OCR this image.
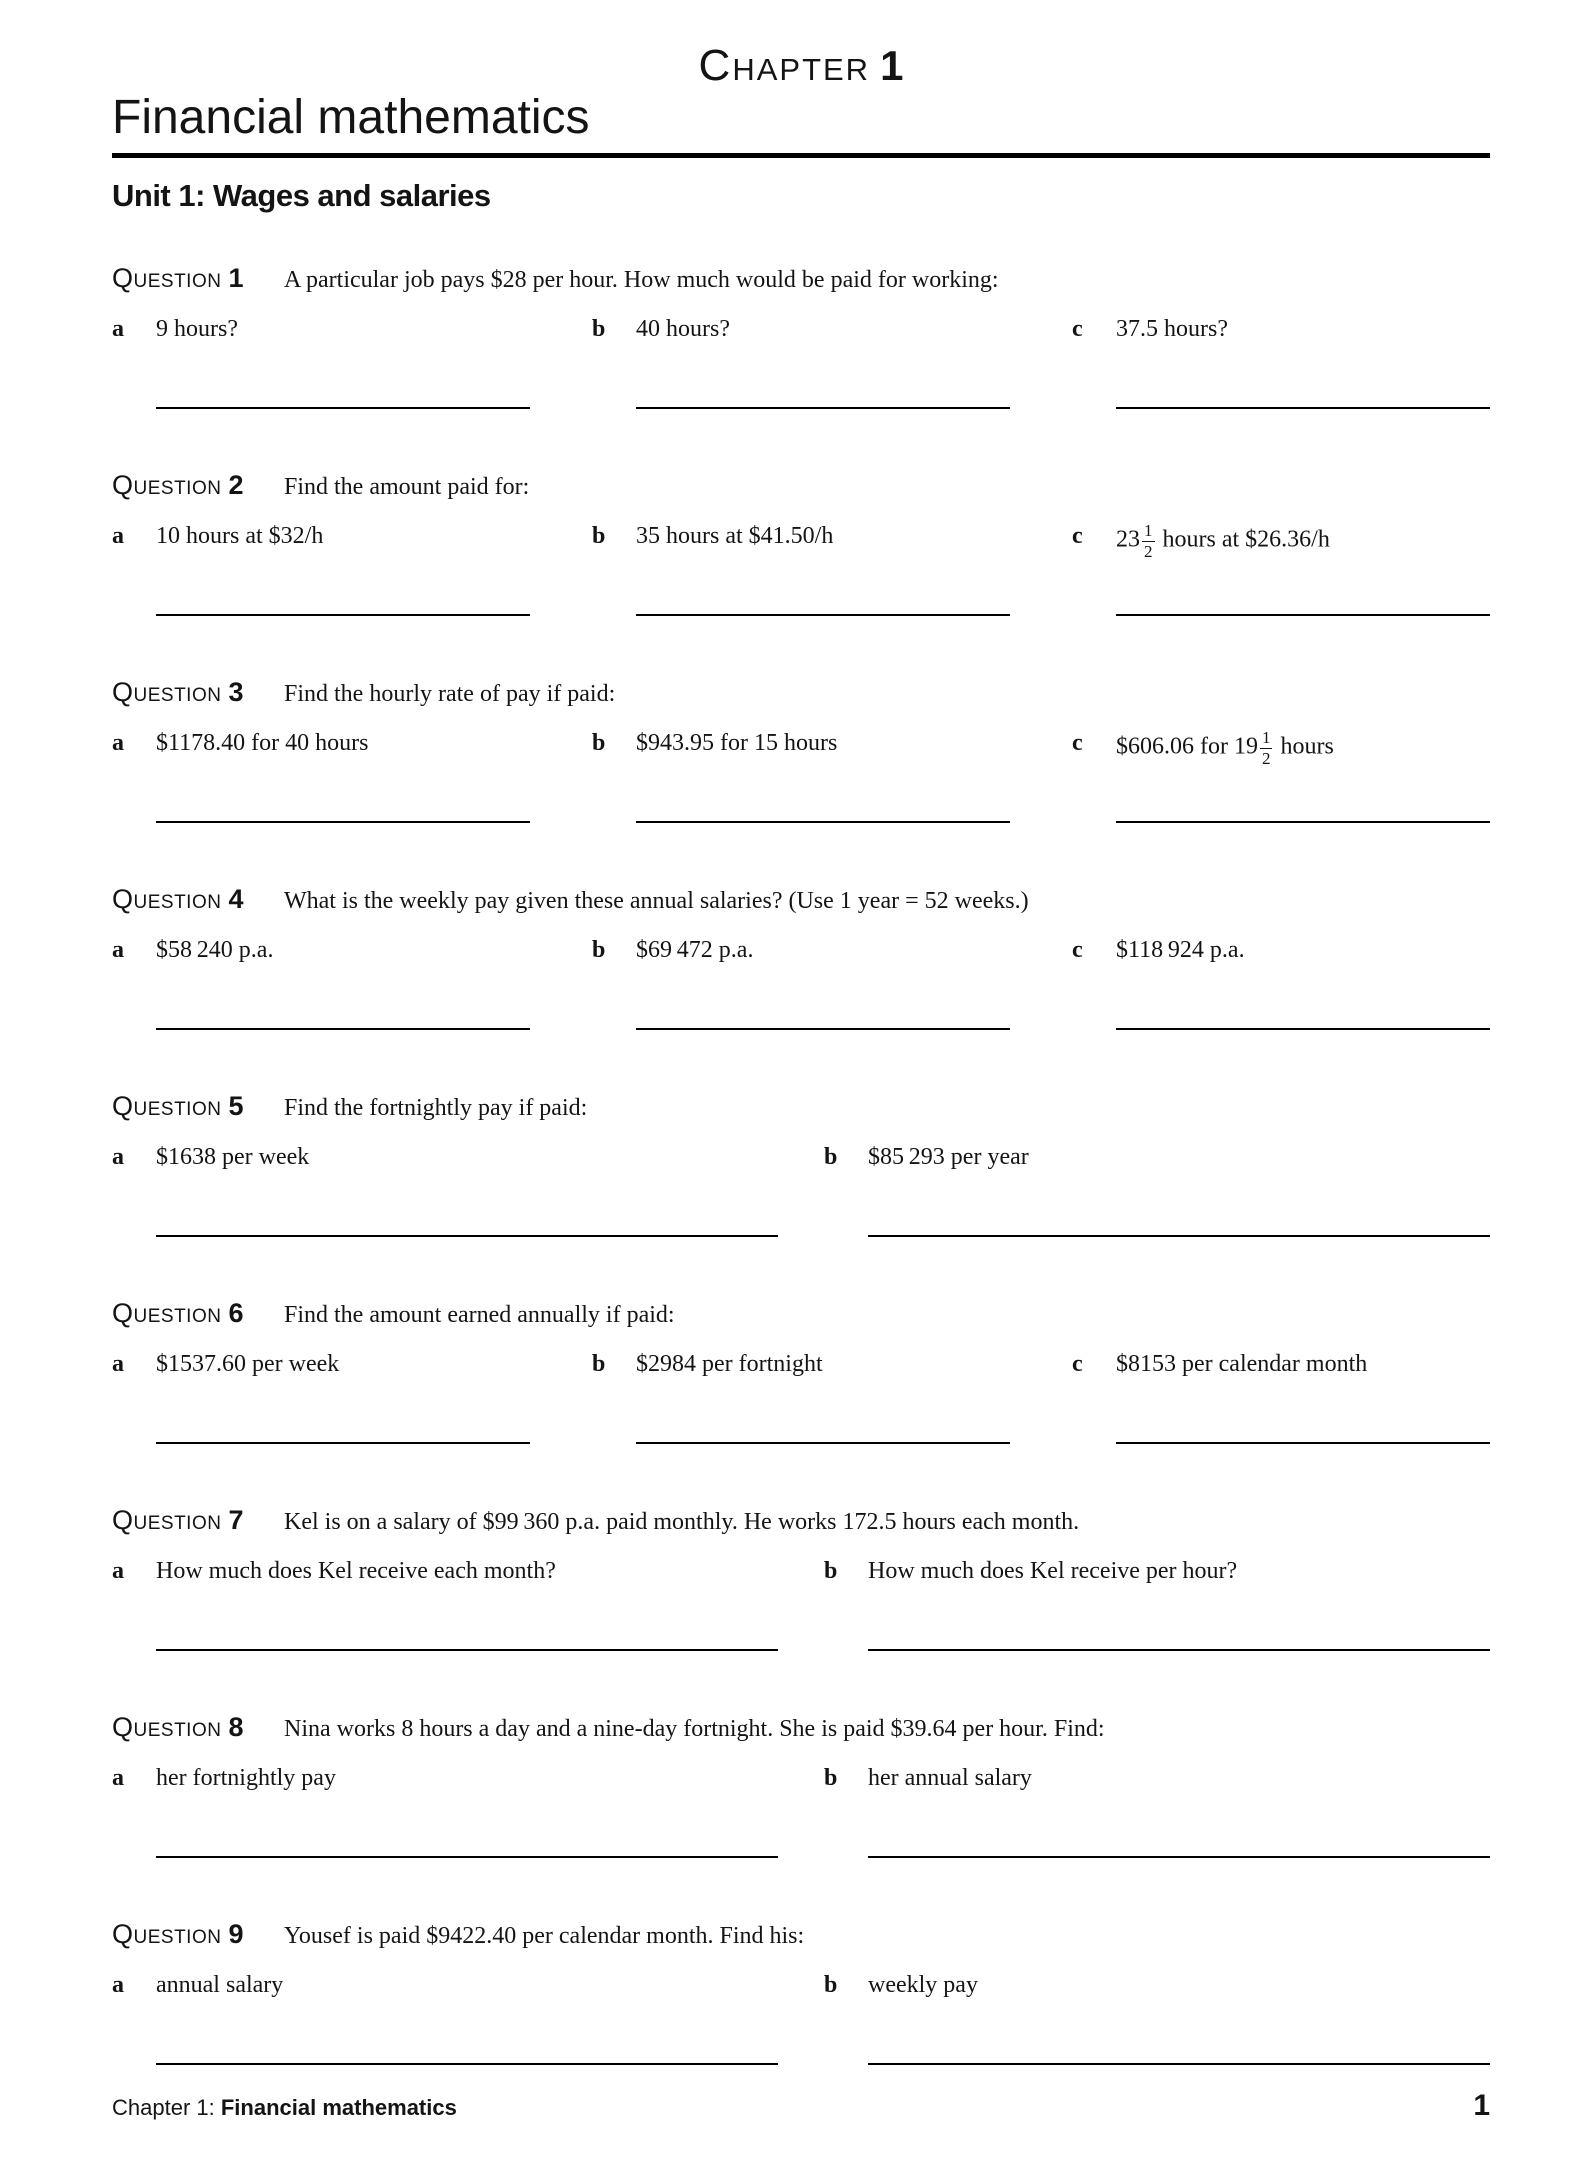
Chapter 1
Financial mathematics
Unit 1: Wages and salaries
Question 1	A particular job pays $28 per hour. How much would be paid for working:
a	9 hours?	b	40 hours?	c	37.5 hours?
Question 2	Find the amount paid for:
a	10 hours at $32/h	b	35 hours at $41.50/h	c	$23 \frac{1}{2}$ hours at $26.36/h
Question 3	Find the hourly rate of pay if paid:
a	$1178.40 for 40 hours	b	$943.95 for 15 hours	c	$606.06 for $19 \frac{1}{2}$ hours
Question 4	What is the weekly pay given these annual salaries? (Use 1 year = 52 weeks.)
a	$58 240 p.a.	b	$69 472 p.a.	c	$118 924 p.a.
Question 5	Find the fortnightly pay if paid:
a	$1638 per week	b	$85 293 per year
Question 6	Find the amount earned annually if paid:
a	$1537.60 per week	b	$2984 per fortnight	c	$8153 per calendar month
Question 7	Kel is on a salary of $99 360 p.a. paid monthly. He works 172.5 hours each month.
a	How much does Kel receive each month?	b	How much does Kel receive per hour?
Question 8	Nina works 8 hours a day and a nine-day fortnight. She is paid $39.64 per hour. Find:
a	her fortnightly pay	b	her annual salary
Question 9	Yousef is paid $9422.40 per calendar month. Find his:
a	annual salary	b	weekly pay
Chapter 1: Financial mathematics	1
